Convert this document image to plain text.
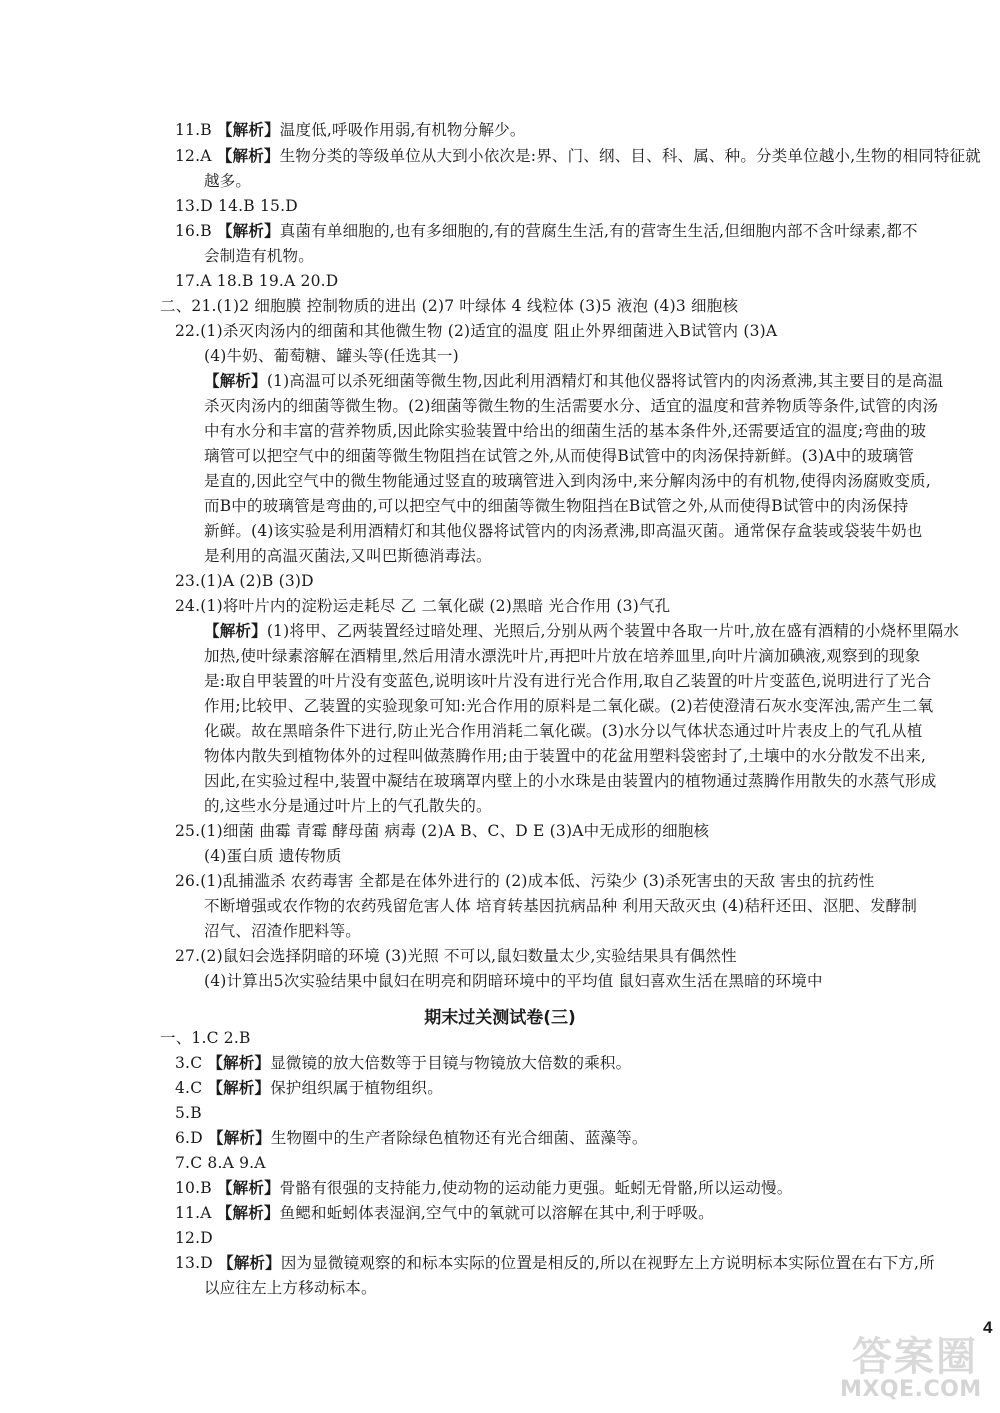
11.B 【解析】温度低,呼吸作用弱,有机物分解少。
12.A 【解析】生物分类的等级单位从大到小依次是:界、门、纲、目、科、属、种。分类单位越小,生物的相同特征就
越多。
13.D 14.B 15.D
16.B 【解析】真菌有单细胞的,也有多细胞的,有的营腐生生活,有的营寄生生活,但细胞内部不含叶绿素,都不
会制造有机物。
17.A 18.B 19.A 20.D
二、21.(1)2 细胞膜 控制物质的进出 (2)7 叶绿体 4 线粒体 (3)5 液泡 (4)3 细胞核
22.(1)杀灭肉汤内的细菌和其他微生物 (2)适宜的温度 阻止外界细菌进入B试管内 (3)A
(4)牛奶、葡萄糖、罐头等(任选其一)
【解析】(1)高温可以杀死细菌等微生物,因此利用酒精灯和其他仪器将试管内的肉汤煮沸,其主要目的是高温
杀灭肉汤内的细菌等微生物。(2)细菌等微生物的生活需要水分、适宜的温度和营养物质等条件,试管的肉汤
中有水分和丰富的营养物质,因此除实验装置中给出的细菌生活的基本条件外,还需要适宜的温度;弯曲的玻
璃管可以把空气中的细菌等微生物阻挡在试管之外,从而使得B试管中的肉汤保持新鲜。(3)A中的玻璃管
是直的,因此空气中的微生物能通过竖直的玻璃管进入到肉汤中,来分解肉汤中的有机物,使得肉汤腐败变质,
而B中的玻璃管是弯曲的,可以把空气中的细菌等微生物阻挡在B试管之外,从而使得B试管中的肉汤保持
新鲜。(4)该实验是利用酒精灯和其他仪器将试管内的肉汤煮沸,即高温灭菌。通常保存盒装或袋装牛奶也
是利用的高温灭菌法,又叫巴斯德消毒法。
23.(1)A (2)B (3)D
24.(1)将叶片内的淀粉运走耗尽 乙 二氧化碳 (2)黑暗 光合作用 (3)气孔
【解析】(1)将甲、乙两装置经过暗处理、光照后,分别从两个装置中各取一片叶,放在盛有酒精的小烧杯里隔水
加热,使叶绿素溶解在酒精里,然后用清水漂洗叶片,再把叶片放在培养皿里,向叶片滴加碘液,观察到的现象
是:取自甲装置的叶片没有变蓝色,说明该叶片没有进行光合作用,取自乙装置的叶片变蓝色,说明进行了光合
作用;比较甲、乙装置的实验现象可知:光合作用的原料是二氧化碳。(2)若使澄清石灰水变浑浊,需产生二氧
化碳。故在黑暗条件下进行,防止光合作用消耗二氧化碳。(3)水分以气体状态通过叶片表皮上的气孔从植
物体内散失到植物体外的过程叫做蒸腾作用;由于装置中的花盆用塑料袋密封了,土壤中的水分散发不出来,
因此,在实验过程中,装置中凝结在玻璃罩内壁上的小水珠是由装置内的植物通过蒸腾作用散失的水蒸气形成
的,这些水分是通过叶片上的气孔散失的。
25.(1)细菌 曲霉 青霉 酵母菌 病毒 (2)A B、C、D E (3)A中无成形的细胞核
(4)蛋白质 遗传物质
26.(1)乱捕滥杀 农药毒害 全都是在体外进行的 (2)成本低、污染少 (3)杀死害虫的天敌 害虫的抗药性
不断增强或农作物的农药残留危害人体 培育转基因抗病品种 利用天敌灭虫 (4)秸秆还田、沤肥、发酵制
沼气、沼渣作肥料等。
27.(2)鼠妇会选择阴暗的环境 (3)光照 不可以,鼠妇数量太少,实验结果具有偶然性
(4)计算出5次实验结果中鼠妇在明亮和阴暗环境中的平均值 鼠妇喜欢生活在黑暗的环境中
期末过关测试卷(三)
一、1.C 2.B
3.C 【解析】显微镜的放大倍数等于目镜与物镜放大倍数的乘积。
4.C 【解析】保护组织属于植物组织。
5.B
6.D 【解析】生物圈中的生产者除绿色植物还有光合细菌、蓝藻等。
7.C 8.A 9.A
10.B 【解析】骨骼有很强的支持能力,使动物的运动能力更强。蚯蚓无骨骼,所以运动慢。
11.A 【解析】鱼鳃和蚯蚓体表湿润,空气中的氧就可以溶解在其中,利于呼吸。
12.D
13.D 【解析】因为显微镜观察的和标本实际的位置是相反的,所以在视野左上方说明标本实际位置在右下方,所
以应往左上方移动标本。
4
答案圈
MXQE.COM
